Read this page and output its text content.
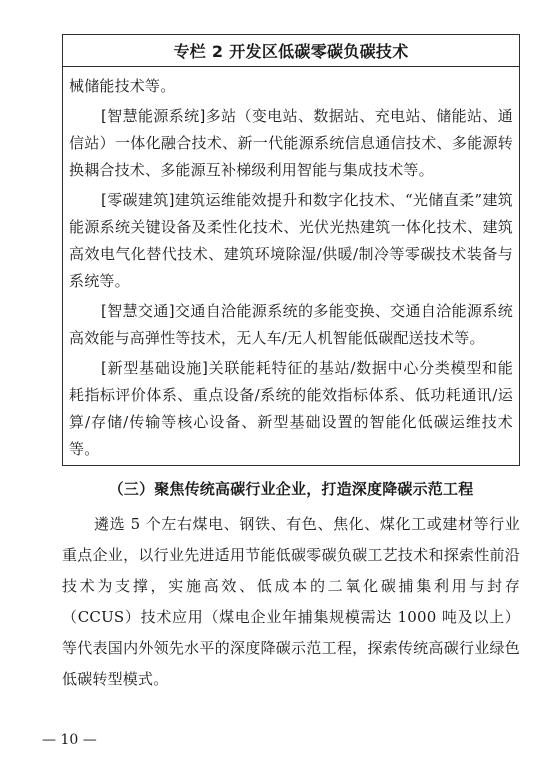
专栏 2 开发区低碳零碳负碳技术

械储能技术等。

[智慧能源系统]多站（变电站、数据站、充电站、储能站、通信站）一体化融合技术、新一代能源系统信息通信技术、多能源转换耦合技术、多能源互补梯级利用智能与集成技术等。

[零碳建筑]建筑运维能效提升和数字化技术、“光储直柔”建筑能源系统关键设备及柔性化技术、光伏光热建筑一体化技术、建筑高效电气化替代技术、建筑环境除湿/供暖/制冷等零碳技术装备与系统等。

[智慧交通]交通自洽能源系统的多能变换、交通自洽能源系统高效能与高弹性等技术，无人车/无人机智能低碳配送技术等。

[新型基础设施]关联能耗特征的基站/数据中心分类模型和能耗指标评价体系、重点设备/系统的能效指标体系、低功耗通讯/运算/存储/传输等核心设备、新型基础设置的智能化低碳运维技术等。

（三）聚焦传统高碳行业企业，打造深度降碳示范工程
遴选 5 个左右煤电、钢铁、有色、焦化、煤化工或建材等行业重点企业，以行业先进适用节能低碳零碳负碳工艺技术和探索性前沿技术为支撑，实施高效、低成本的二氧化碳捕集利用与封存（CCUS）技术应用（煤电企业年捕集规模需达 1000 吨及以上）等代表国内外领先水平的深度降碳示范工程，探索传统高碳行业绿色低碳转型模式。
— 10 —
